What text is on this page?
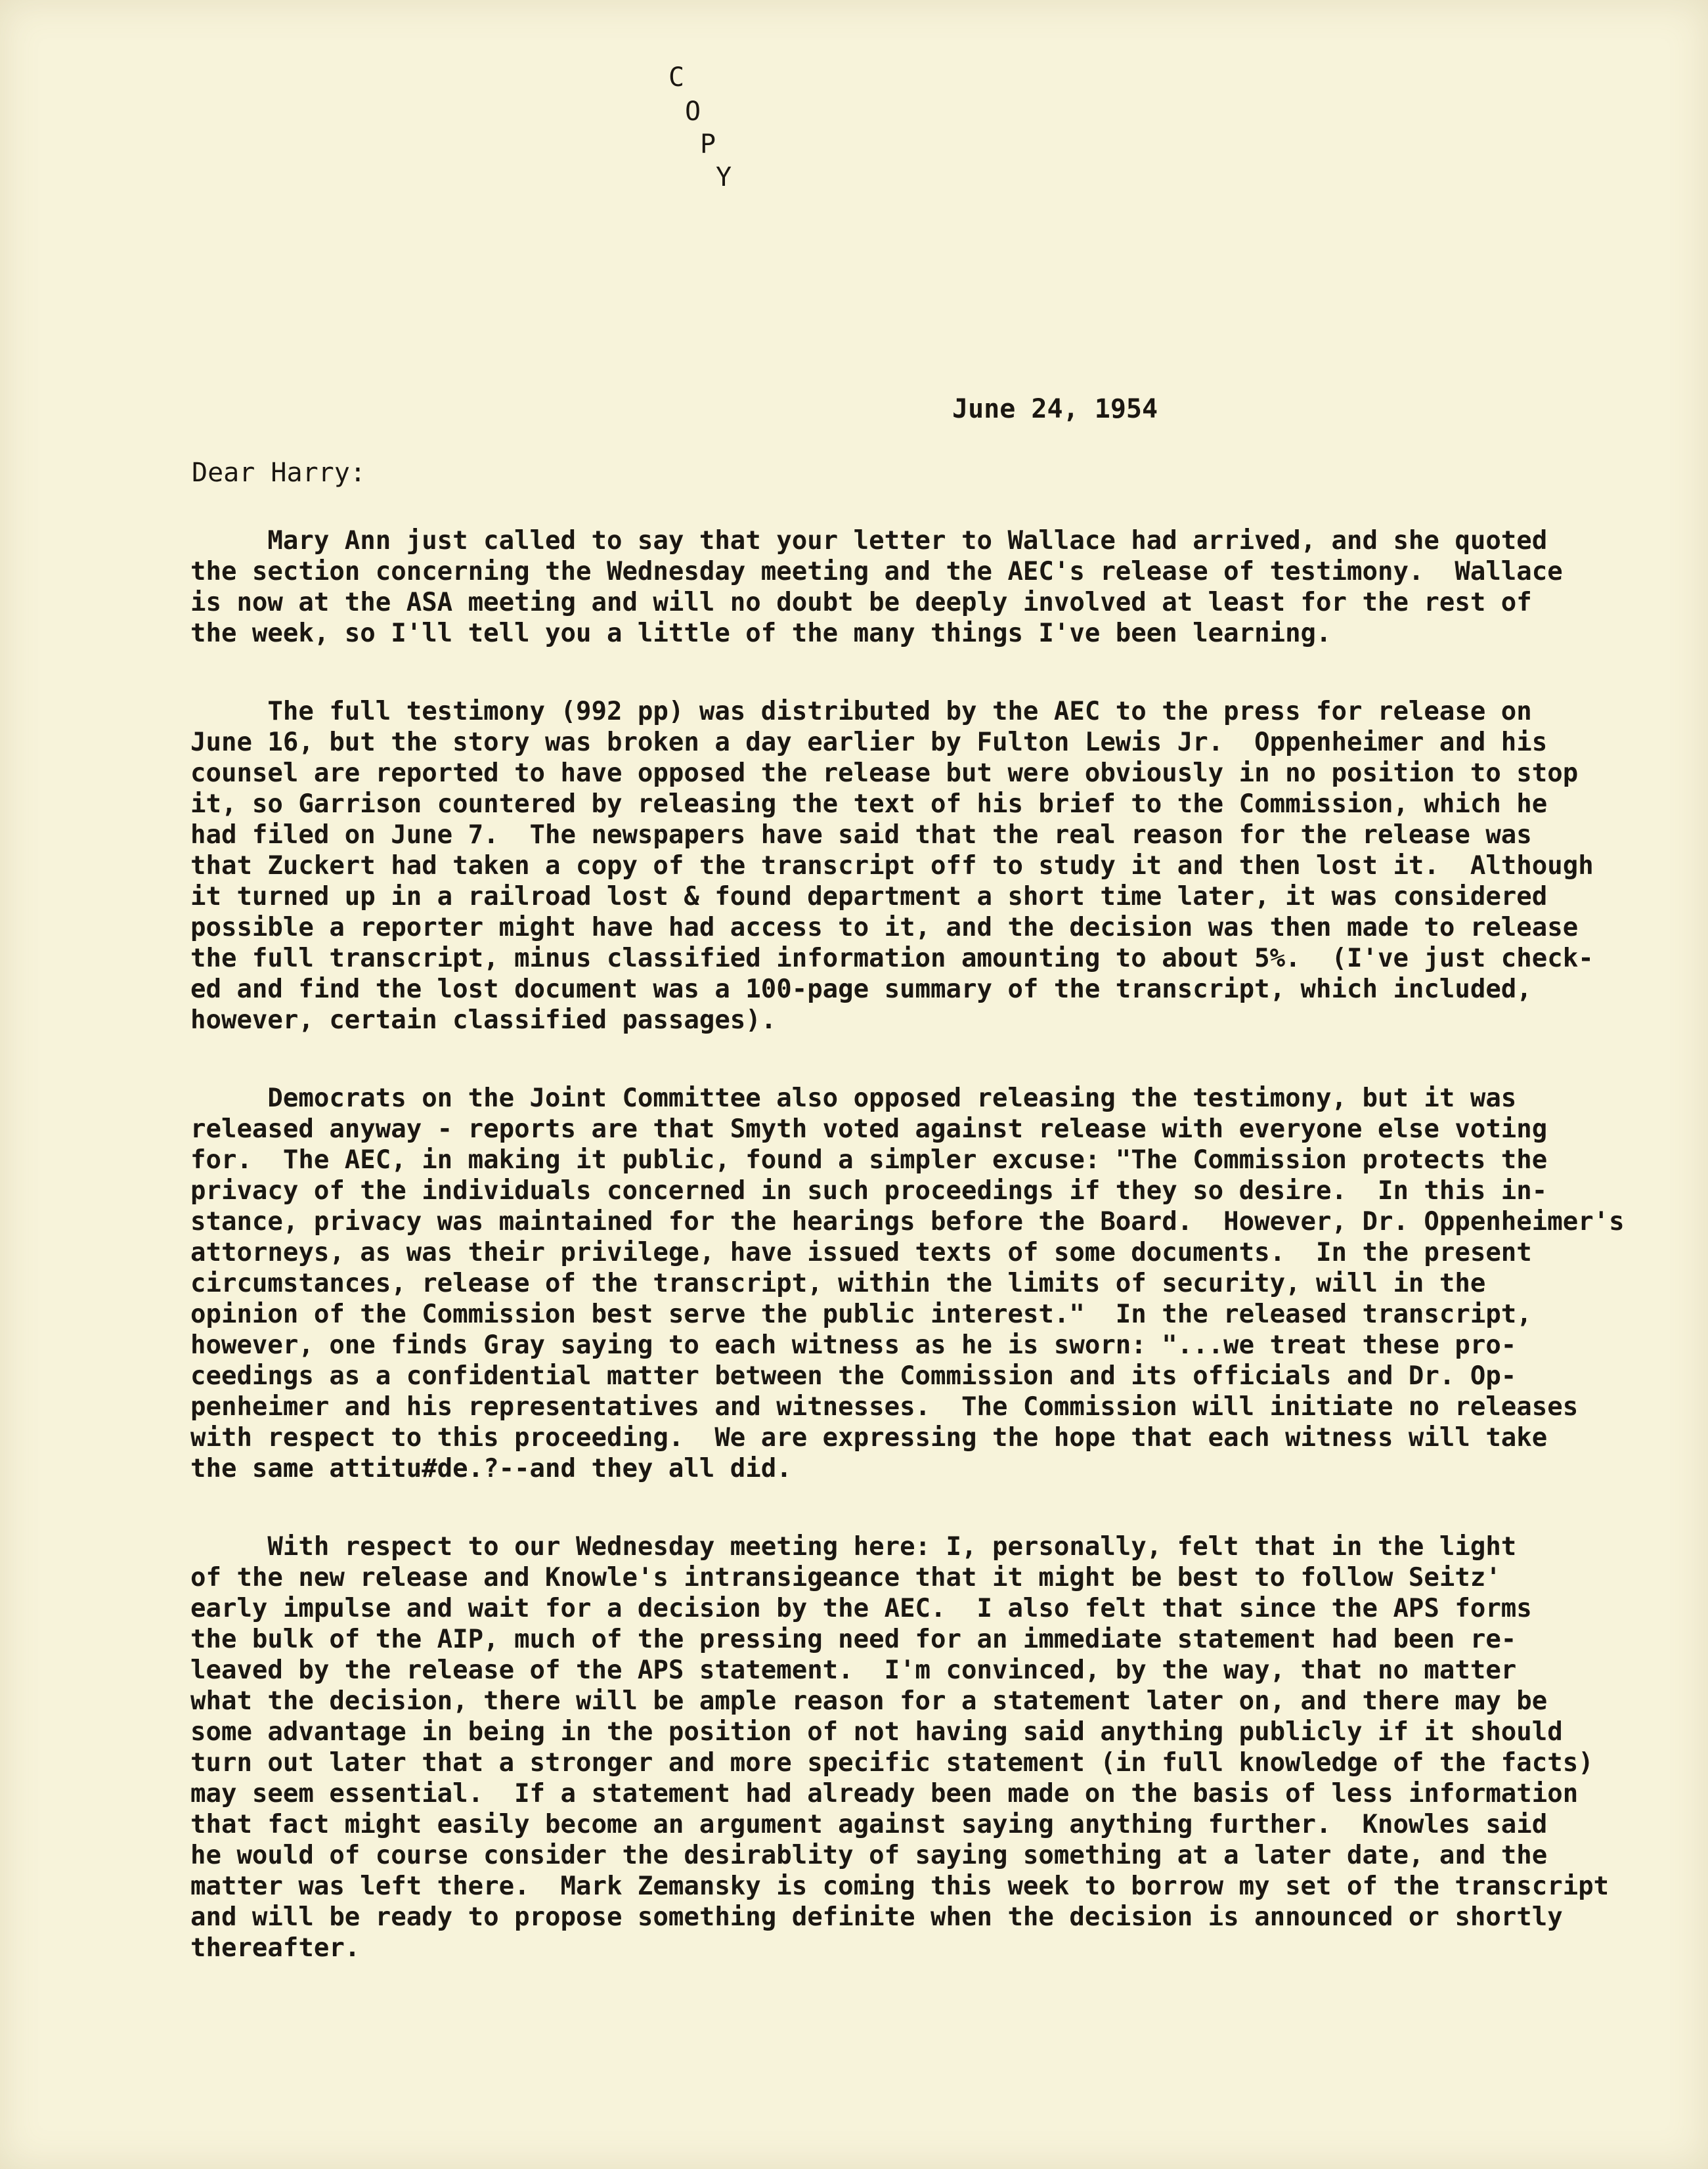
C
O
P
Y
June 24, 1954
Dear Harry:
Mary Ann just called to say that your letter to Wallace had arrived, and she quoted
the section concerning the Wednesday meeting and the AEC's release of testimony.  Wallace
is now at the ASA meeting and will no doubt be deeply involved at least for the rest of
the week, so I'll tell you a little of the many things I've been learning.
The full testimony (992 pp) was distributed by the AEC to the press for release on
June 16, but the story was broken a day earlier by Fulton Lewis Jr.  Oppenheimer and his
counsel are reported to have opposed the release but were obviously in no position to stop
it, so Garrison countered by releasing the text of his brief to the Commission, which he
had filed on June 7.  The newspapers have said that the real reason for the release was
that Zuckert had taken a copy of the transcript off to study it and then lost it.  Although
it turned up in a railroad lost & found department a short time later, it was considered
possible a reporter might have had access to it, and the decision was then made to release
the full transcript, minus classified information amounting to about 5%.  (I've just check-
ed and find the lost document was a 100-page summary of the transcript, which included,
however, certain classified passages).
Democrats on the Joint Committee also opposed releasing the testimony, but it was
released anyway - reports are that Smyth voted against release with everyone else voting
for.  The AEC, in making it public, found a simpler excuse: "The Commission protects the
privacy of the individuals concerned in such proceedings if they so desire.  In this in-
stance, privacy was maintained for the hearings before the Board.  However, Dr. Oppenheimer's
attorneys, as was their privilege, have issued texts of some documents.  In the present
circumstances, release of the transcript, within the limits of security, will in the
opinion of the Commission best serve the public interest."  In the released transcript,
however, one finds Gray saying to each witness as he is sworn: "...we treat these pro-
ceedings as a confidential matter between the Commission and its officials and Dr. Op-
penheimer and his representatives and witnesses.  The Commission will initiate no releases
with respect to this proceeding.  We are expressing the hope that each witness will take
the same attitu#de.?--and they all did.
With respect to our Wednesday meeting here: I, personally, felt that in the light
of the new release and Knowle's intransigeance that it might be best to follow Seitz'
early impulse and wait for a decision by the AEC.  I also felt that since the APS forms
the bulk of the AIP, much of the pressing need for an immediate statement had been re-
leaved by the release of the APS statement.  I'm convinced, by the way, that no matter
what the decision, there will be ample reason for a statement later on, and there may be
some advantage in being in the position of not having said anything publicly if it should
turn out later that a stronger and more specific statement (in full knowledge of the facts)
may seem essential.  If a statement had already been made on the basis of less information
that fact might easily become an argument against saying anything further.  Knowles said
he would of course consider the desirablity of saying something at a later date, and the
matter was left there.  Mark Zemansky is coming this week to borrow my set of the transcript
and will be ready to propose something definite when the decision is announced or shortly
thereafter.
